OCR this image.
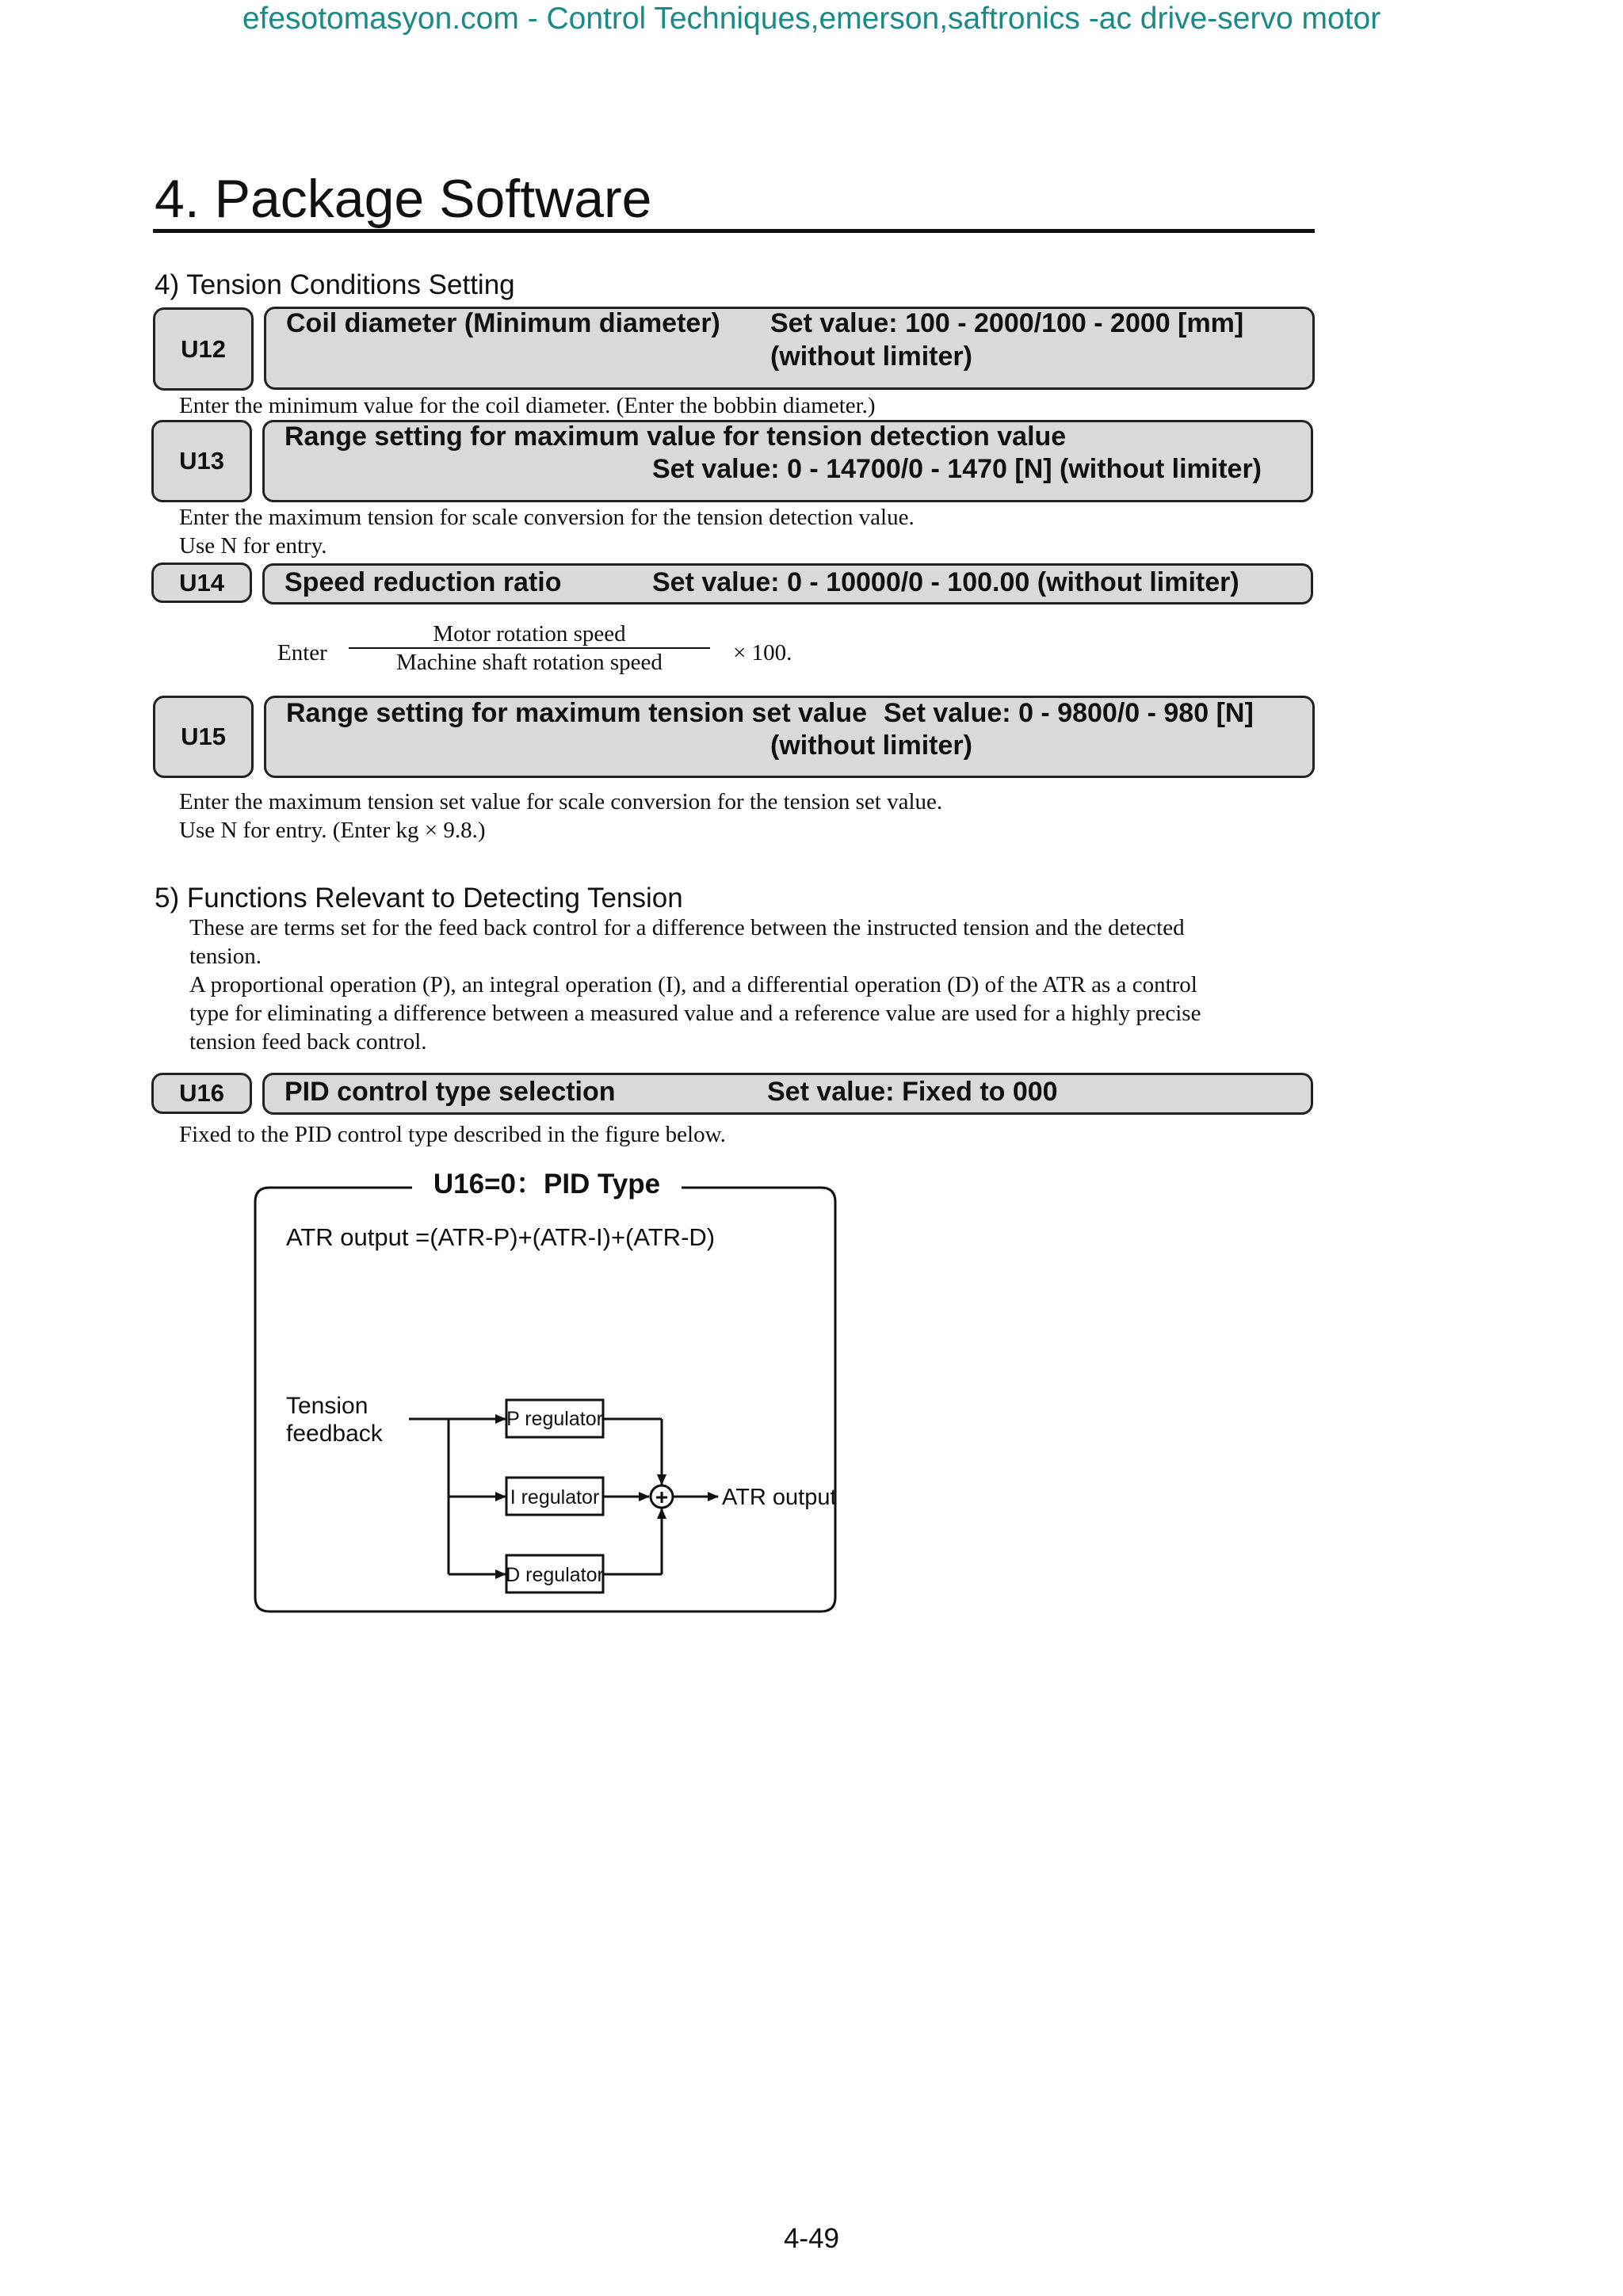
efesotomasyon.com - Control Techniques,emerson,saftronics -ac drive-servo motor
4. Package Software
4) Tension Conditions Setting
U12
Coil diameter (Minimum diameter) Set value: 100 - 2000/100 - 2000 [mm]
(without limiter)
Enter the minimum value for the coil diameter. (Enter the bobbin diameter.)
U13
Range setting for maximum value for tension detection value
Set value: 0 - 14700/0 - 1470 [N] (without limiter)
Enter the maximum tension for scale conversion for the tension detection value.
Use N for entry.
U14 Speed reduction ratio	Set value: 0 - 10000/0 - 100.00 (without limiter)
Enter
Motor rotation speed
Machine shaft rotation speed	× 100.
U15
Range setting for maximum tension set value Set value: 0 - 9800/0 - 980 [N]
(without limiter)
Enter the maximum tension set value for scale conversion for the tension set value.
Use N for entry. (Enter kg × 9.8.)
5) Functions Relevant to Detecting Tension
These are terms set for the feed back control for a difference between the instructed tension and the detected
tension.
A proportional operation (P), an integral operation (I), and a differential operation (D) of the ATR as a control
type for eliminating a difference between a measured value and a reference value are used for a highly precise
tension feed back control.
U16 PID control type selection	Set value: Fixed to 000
Fixed to the PID control type described in the figure below.
U16=0：PID Type
ATR output =(ATR-P)+(ATR-I)+(ATR-D)
Tension
feedback
P regulator
I regulator
D regulator
+ ATR output
4-49
